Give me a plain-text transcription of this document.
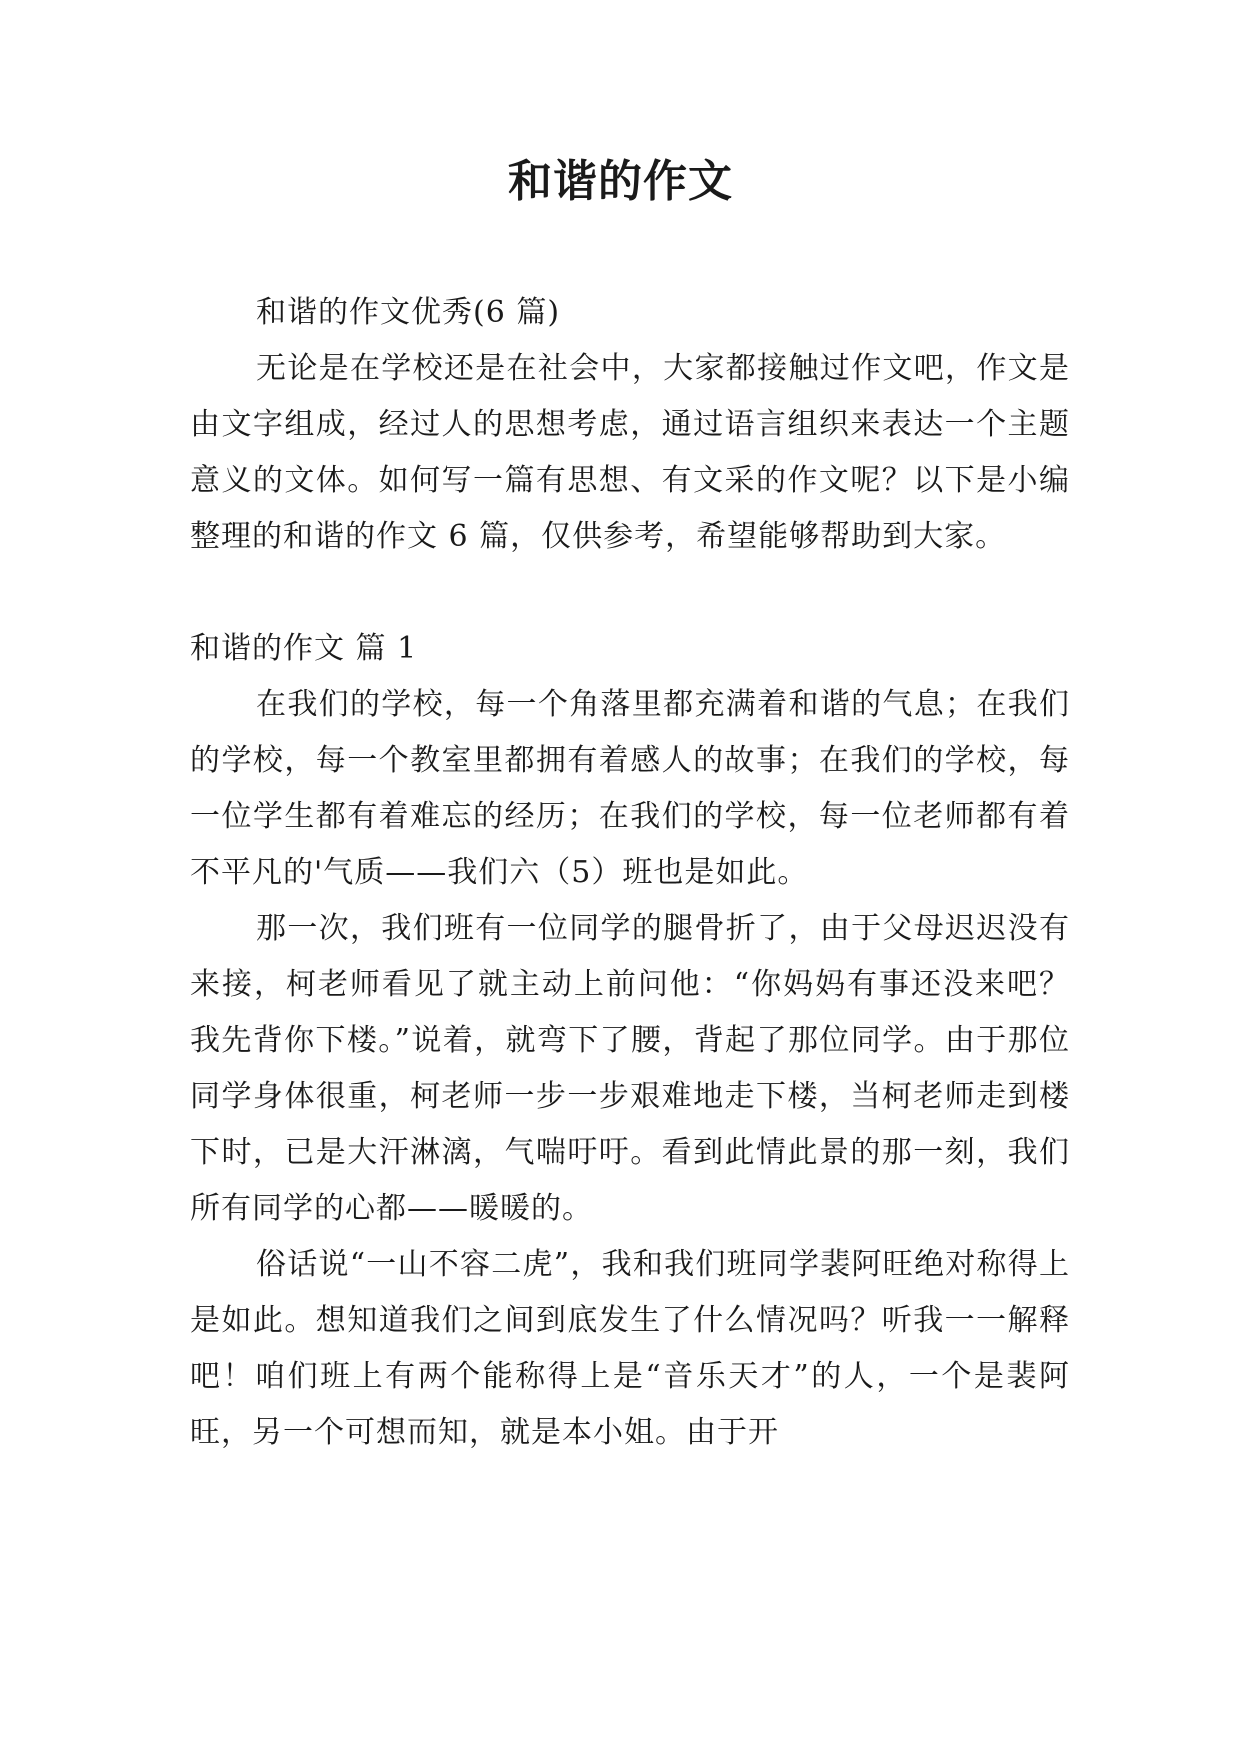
和谐的作文

和谐的作文优秀(6 篇)

无论是在学校还是在社会中，大家都接触过作文吧，作文是由文字组成，经过人的思想考虑，通过语言组织来表达一个主题意义的文体。如何写一篇有思想、有文采的作文呢？以下是小编整理的和谐的作文 6 篇，仅供参考，希望能够帮助到大家。

和谐的作文 篇 1

在我们的学校，每一个角落里都充满着和谐的气息；在我们的学校，每一个教室里都拥有着感人的故事；在我们的学校，每一位学生都有着难忘的经历；在我们的学校，每一位老师都有着不平凡的'气质——我们六（5）班也是如此。

那一次，我们班有一位同学的腿骨折了，由于父母迟迟没有来接，柯老师看见了就主动上前问他：“你妈妈有事还没来吧？我先背你下楼。”说着，就弯下了腰，背起了那位同学。由于那位同学身体很重，柯老师一步一步艰难地走下楼，当柯老师走到楼下时，已是大汗淋漓，气喘吁吁。看到此情此景的那一刻，我们所有同学的心都——暖暖的。

俗话说“一山不容二虎”，我和我们班同学裴阿旺绝对称得上是如此。想知道我们之间到底发生了什么情况吗？听我一一解释吧！咱们班上有两个能称得上是“音乐天才”的人，一个是裴阿旺，另一个可想而知，就是本小姐。由于开
